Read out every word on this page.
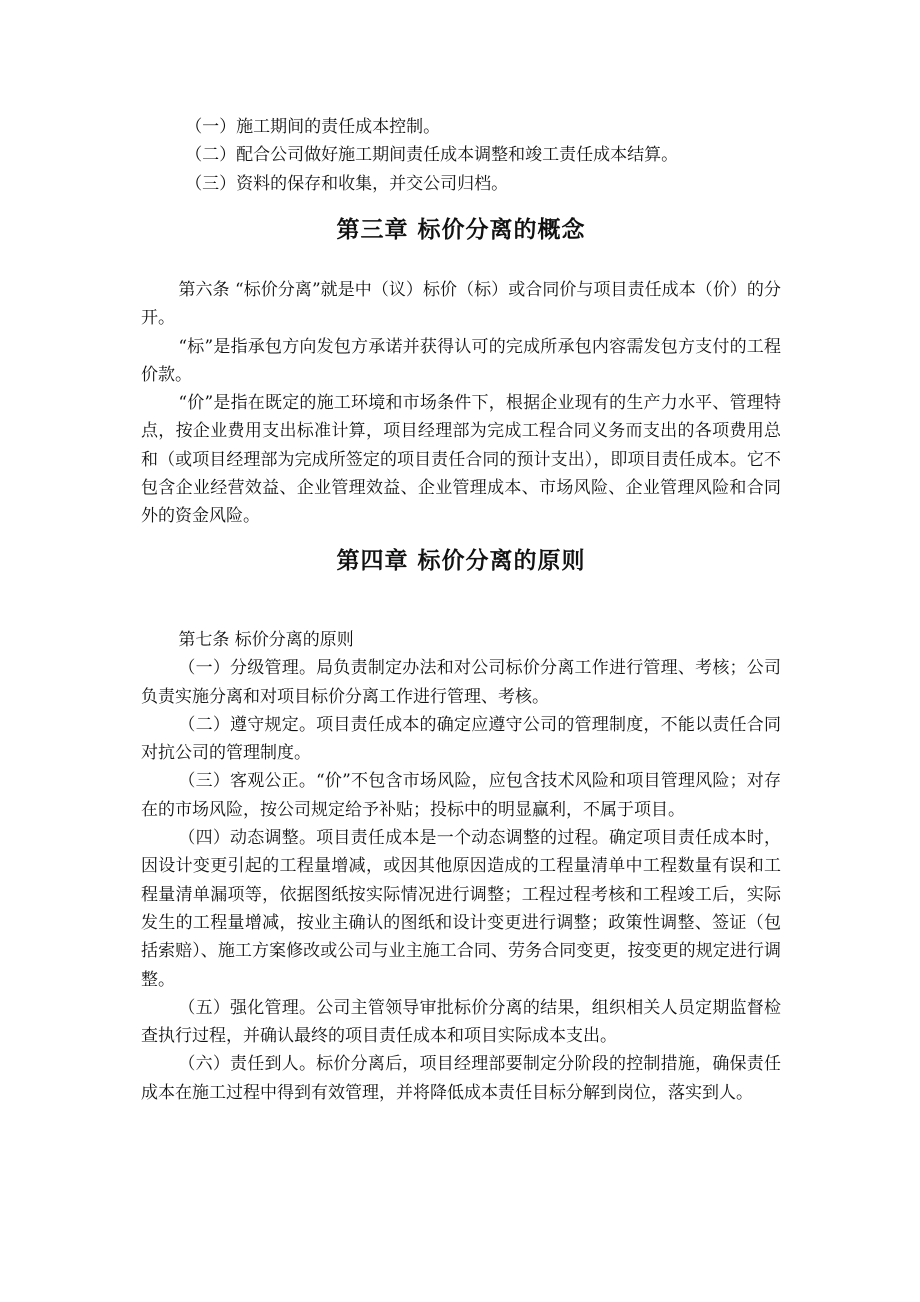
（一）施工期间的责任成本控制。

（二）配合公司做好施工期间责任成本调整和竣工责任成本结算。

（三）资料的保存和收集，并交公司归档。

第三章 标价分离的概念

第六条 “标价分离”就是中（议）标价（标）或合同价与项目责任成本（价）的分开。

“标”是指承包方向发包方承诺并获得认可的完成所承包内容需发包方支付的工程价款。

“价”是指在既定的施工环境和市场条件下，根据企业现有的生产力水平、管理特点，按企业费用支出标准计算，项目经理部为完成工程合同义务而支出的各项费用总和（或项目经理部为完成所签定的项目责任合同的预计支出），即项目责任成本。它不包含企业经营效益、企业管理效益、企业管理成本、市场风险、企业管理风险和合同外的资金风险。

第四章 标价分离的原则

第七条 标价分离的原则

（一）分级管理。局负责制定办法和对公司标价分离工作进行管理、考核；公司负责实施分离和对项目标价分离工作进行管理、考核。

（二）遵守规定。项目责任成本的确定应遵守公司的管理制度，不能以责任合同对抗公司的管理制度。

（三）客观公正。“价”不包含市场风险，应包含技术风险和项目管理风险；对存在的市场风险，按公司规定给予补贴；投标中的明显赢利，不属于项目。

（四）动态调整。项目责任成本是一个动态调整的过程。确定项目责任成本时，因设计变更引起的工程量增减，或因其他原因造成的工程量清单中工程数量有误和工程量清单漏项等，依据图纸按实际情况进行调整；工程过程考核和工程竣工后，实际发生的工程量增减，按业主确认的图纸和设计变更进行调整；政策性调整、签证（包括索赔）、施工方案修改或公司与业主施工合同、劳务合同变更，按变更的规定进行调整。

（五）强化管理。公司主管领导审批标价分离的结果，组织相关人员定期监督检查执行过程，并确认最终的项目责任成本和项目实际成本支出。

（六）责任到人。标价分离后，项目经理部要制定分阶段的控制措施，确保责任成本在施工过程中得到有效管理，并将降低成本责任目标分解到岗位，落实到人。
